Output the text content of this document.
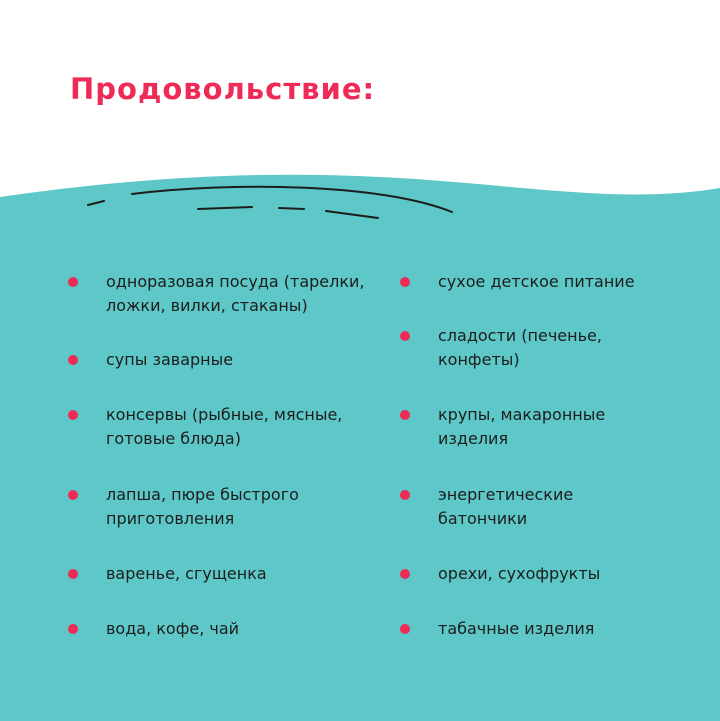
Продовольствие:
одноразовая посуда (тарелки, ложки, вилки, стаканы)
супы заварные
консервы (рыбные, мясные, готовые блюда)
лапша, пюре быстрого приготовления
варенье, сгущенка
вода, кофе, чай
сухое детское питание
сладости (печенье, конфеты)
крупы, макаронные изделия
энергетические батончики
орехи, сухофрукты
табачные изделия
